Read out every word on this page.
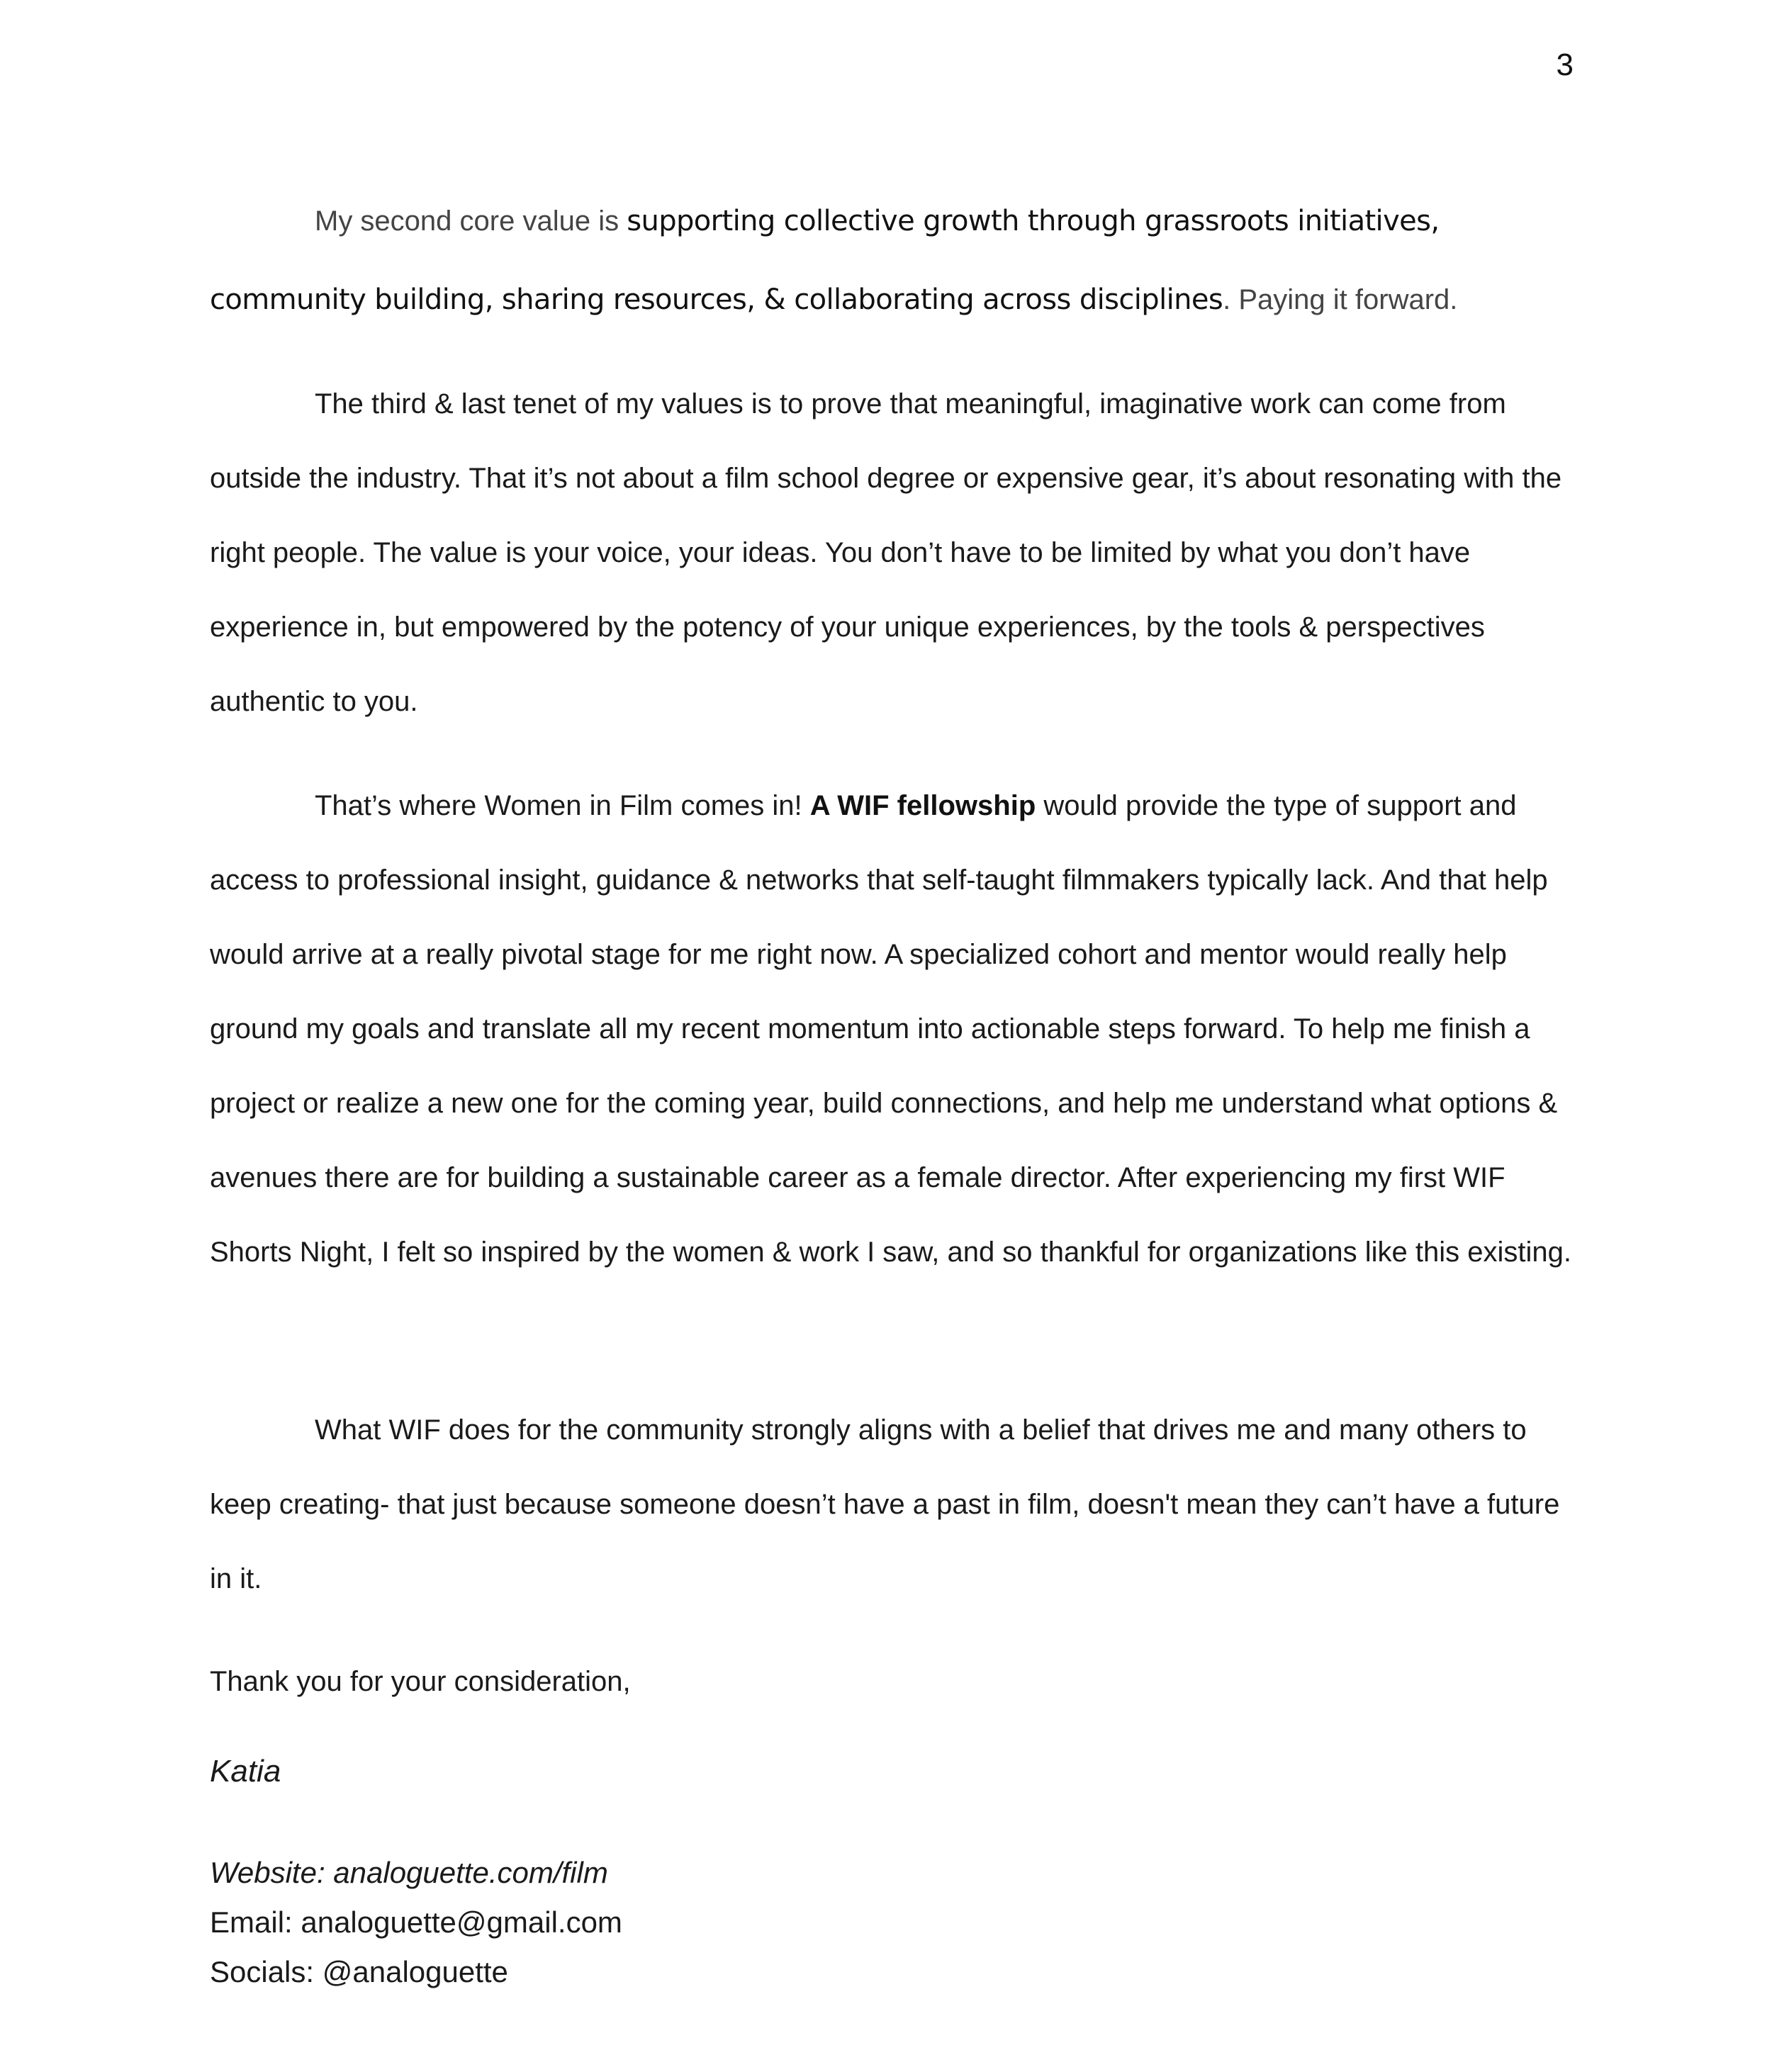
3

My second core value is supporting collective growth through grassroots initiatives, community building, sharing resources, & collaborating across disciplines. Paying it forward.

The third & last tenet of my values is to prove that meaningful, imaginative work can come from outside the industry. That it’s not about a film school degree or expensive gear, it’s about resonating with the right people. The value is your voice, your ideas. You don’t have to be limited by what you don’t have experience in, but empowered by the potency of your unique experiences, by the tools & perspectives authentic to you.

That’s where Women in Film comes in! A WIF fellowship would provide the type of support and access to professional insight, guidance & networks that self-taught filmmakers typically lack. And that help would arrive at a really pivotal stage for me right now. A specialized cohort and mentor would really help ground my goals and translate all my recent momentum into actionable steps forward. To help me finish a project or realize a new one for the coming year, build connections, and help me understand what options & avenues there are for building a sustainable career as a female director. After experiencing my first WIF Shorts Night, I felt so inspired by the women & work I saw, and so thankful for organizations like this existing.

What WIF does for the community strongly aligns with a belief that drives me and many others to keep creating- that just because someone doesn’t have a past in film, doesn't mean they can’t have a future in it.

Thank you for your consideration,

Katia

Website: analoguette.com/film
Email: analoguette@gmail.com
Socials: @analoguette
